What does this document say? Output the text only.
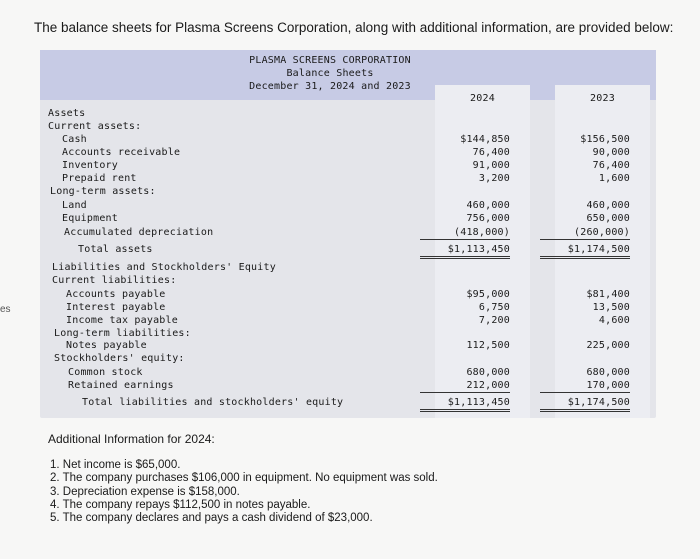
The balance sheets for Plasma Screens Corporation, along with additional information, are provided below:
es
PLASMA SCREENS CORPORATION
Balance Sheets
December 31, 2024 and 2023
2024	2023
Assets
Current assets:
Cash	$144,850	$156,500
Accounts receivable	76,400	90,000
Inventory	91,000	76,400
Prepaid rent	3,200	1,600
Long-term assets:
Land	460,000	460,000
Equipment	756,000	650,000
Accumulated depreciation	(418,000)	(260,000)
Total assets	$1,113,450	$1,174,500
Liabilities and Stockholders' Equity
Current liabilities:
Accounts payable	$95,000	$81,400
Interest payable	6,750	13,500
Income tax payable	7,200	4,600
Long-term liabilities:
Notes payable	112,500	225,000
Stockholders' equity:
Common stock	680,000	680,000
Retained earnings	212,000	170,000
Total liabilities and stockholders' equity	$1,113,450	$1,174,500
Additional Information for 2024:
1. Net income is $65,000.
2. The company purchases $106,000 in equipment. No equipment was sold.
3. Depreciation expense is $158,000.
4. The company repays $112,500 in notes payable.
5. The company declares and pays a cash dividend of $23,000.
